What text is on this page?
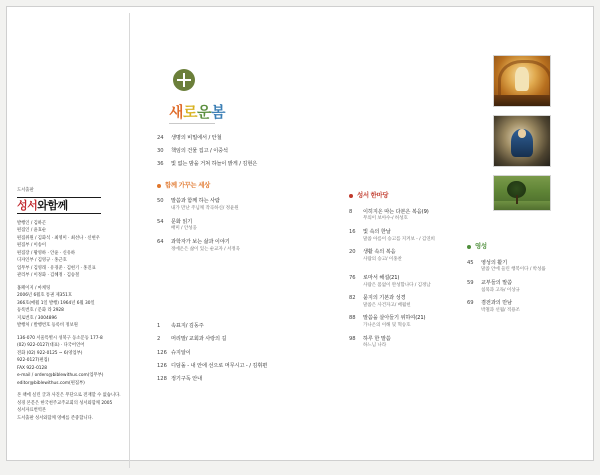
도서출판
성서와함께
발행인 / 김하곤
편집인 / 윤효순
편집위원 / 김화석 · 최영미 · 최선나 · 신현우
편집부 / 이송이
편집장 / 황영하 · 안윤 · 신유하
디자인부 / 김영규 · 홍근호
업무부 / 김영래 · 유경준 · 김현기 · 홍진표
관리부 / 이정화 · 김혜정 · 김승철
홈페이지 / 마케팅
2006년 6월호 통권 제351호
366호(매월 1일 발행) 1964년 6월 30일
등록번호 / 문화 라 2928
지로번호 / 3004896
발행처 / 발행번호 등록비 정보원
136-070 서울특별시 성북구 동소문동 177-8
(02) 922-0127(대표) · 다국어언어
전화 (02) 922-0125 ~ 6(영업부)
922-0127(편집)
FAX 922-0128
e-mail / orders@biblewithus.com(업무부)
editor@biblewithus.com(편집부)
본 책에 실린 글과 사진은 무단으로 전재할 수 없습니다.
성경 본문은 한국천주교주교회의 성서와함께 2005
성서자료번역본
도서출판 성서와함께 영예를 존중합니다.
새로운봄
24	생명의 비밀에서 / 안철
30	책임의 건물 집고 / 이중석
36	빛 없는 밤을 거쳐 하늘이 밝게 / 김현은
함께 가꾸는 세상
50	말씀과 함께 하는 사람
내가 만난 주님께 작곡하신/ 정윤원
54	문화 읽기
배미 / 안성웅
64	과학자가 보는 삶과 이야기
정에온은 삶이 있는 순교자 / 서정욱
1	속표지/ 김동주
2	머리말/ 교회과 사랑의 길
126 슈지알이
126 디딤돌 - 내 안에 선으로 머무시고 - / 김휘편
128 정기구독 안내
성서 한마당
8	이히지온 따는 다본은 복음(9)
무의이 보아수-/ 허성호
16	빛 속의 한날
말씀 아름이 승고를 지켜보 - / 김연희
20	생활 속의 복음
사람의 승고/ 이홍찬
76	로마서 해설(21)
사람은 몸없이 완성함나다 / 김정남
82	묻지의 기본과 성경
말씀은 사건자고/ 배월헌
88	말씀을 살아들기 위하여(21)
가나온의 이해 및 혁승호
98	하루 한 말씀
하느님 나라
영성
45	영성의 활기
말씀 안에 들린 행복이다 / 박성률
59	교부들의 말씀
침묵과 고독/ 이상규
69	겸전과의 만남
박철과 선월/ 적용조
